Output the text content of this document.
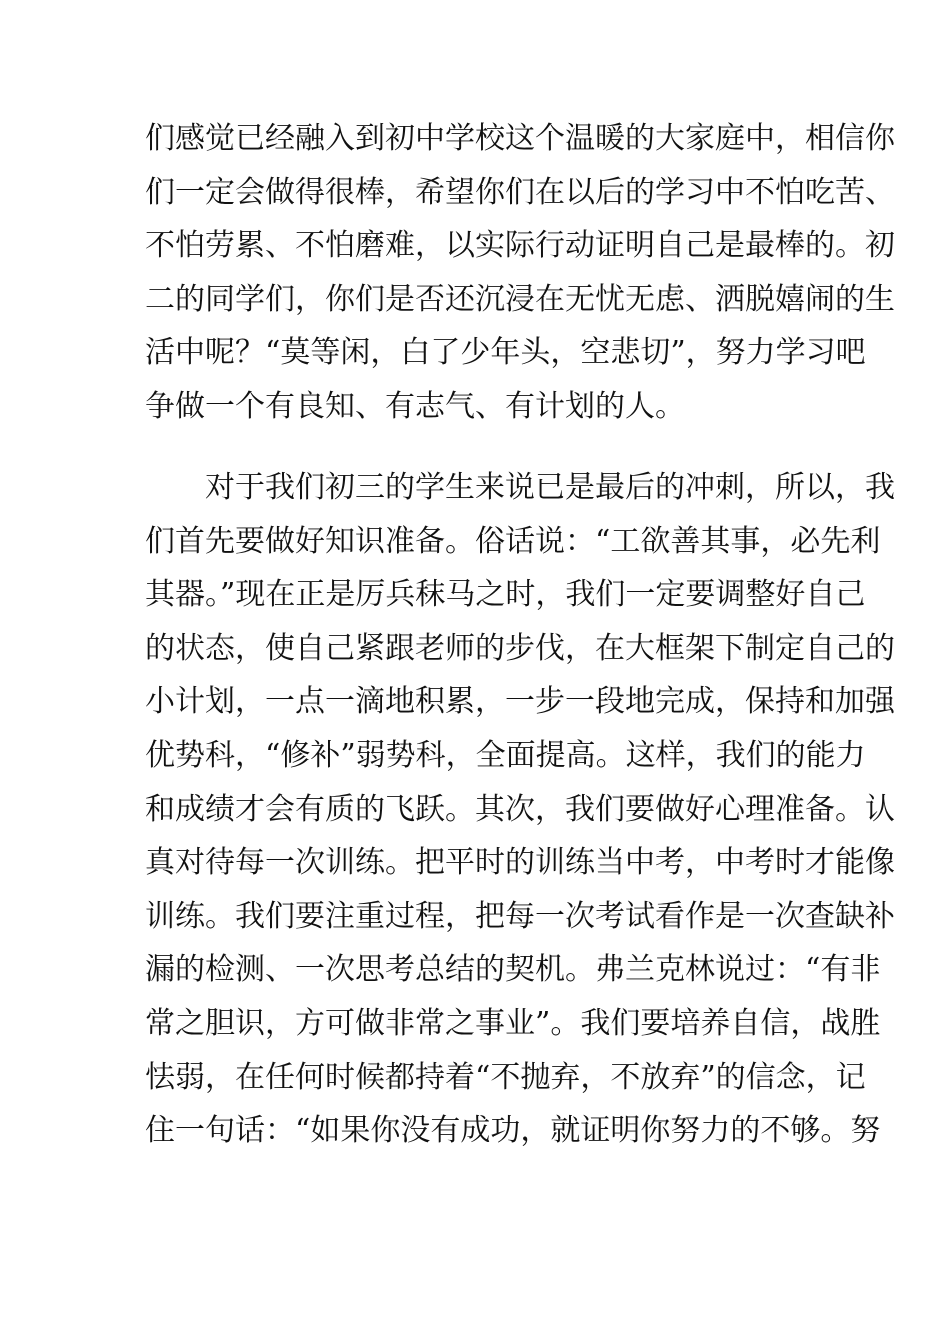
们感觉已经融入到初中学校这个温暖的大家庭中，相信你
们一定会做得很棒，希望你们在以后的学习中不怕吃苦、
不怕劳累、不怕磨难，以实际行动证明自己是最棒的。初
二的同学们，你们是否还沉浸在无忧无虑、洒脱嬉闹的生
活中呢？“莫等闲，白了少年头，空悲切”，努力学习吧
争做一个有良知、有志气、有计划的人。
对于我们初三的学生来说已是最后的冲刺，所以，我
们首先要做好知识准备。俗话说：“工欲善其事，必先利
其器。”现在正是厉兵秣马之时，我们一定要调整好自己
的状态，使自己紧跟老师的步伐，在大框架下制定自己的
小计划，一点一滴地积累，一步一段地完成，保持和加强
优势科，“修补”弱势科，全面提高。这样，我们的能力
和成绩才会有质的飞跃。其次，我们要做好心理准备。认
真对待每一次训练。把平时的训练当中考，中考时才能像
训练。我们要注重过程，把每一次考试看作是一次查缺补
漏的检测、一次思考总结的契机。弗兰克林说过：“有非
常之胆识，方可做非常之事业”。我们要培养自信，战胜
怯弱，在任何时候都持着“不抛弃，不放弃”的信念，记
住一句话：“如果你没有成功，就证明你努力的不够。努
